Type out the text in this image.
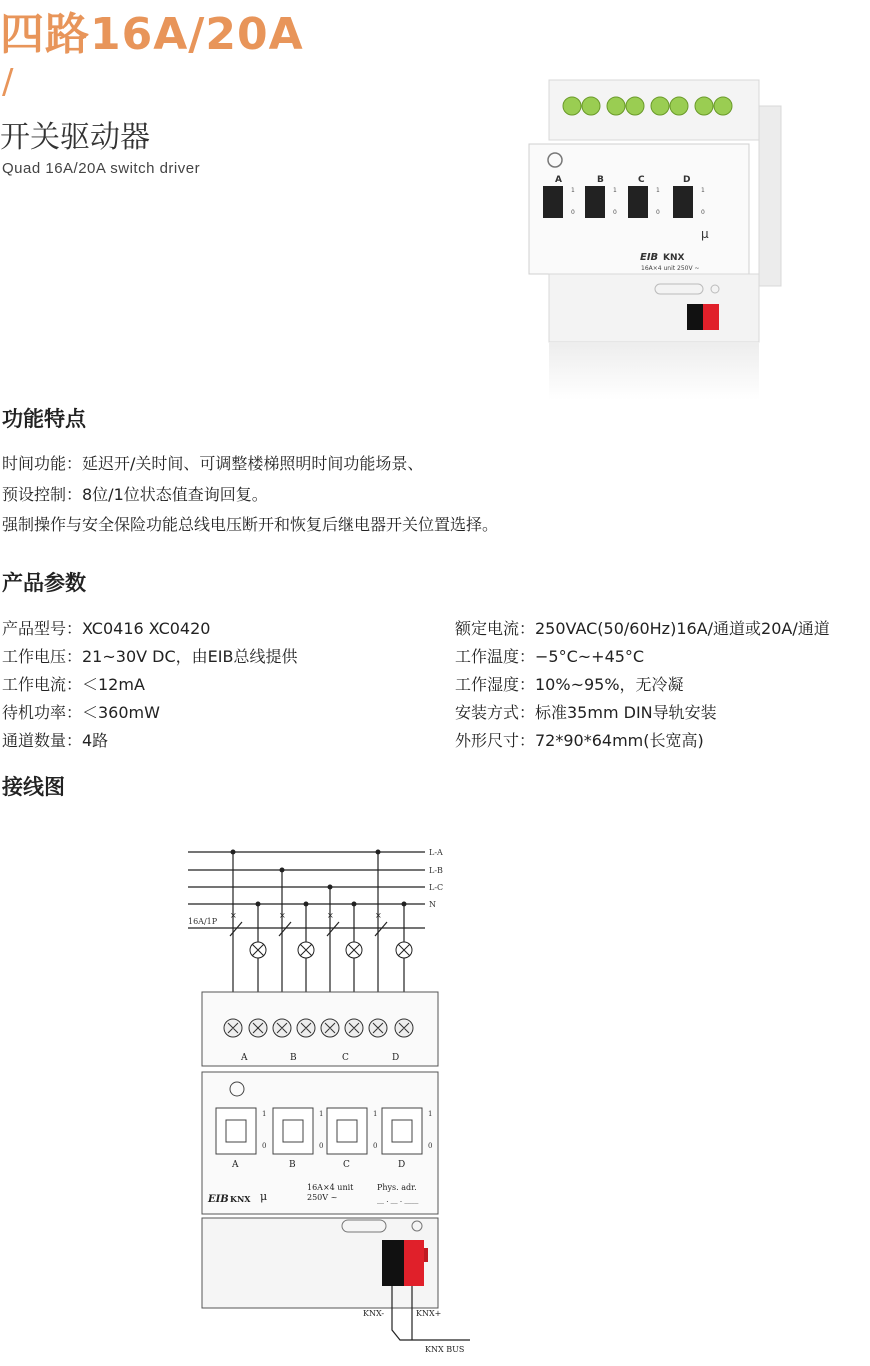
四路16A/20A
/
开关驱动器
Quad 16A/20A switch driver
A	B	C	D
1
0
1
0
1
0
1
0
EIB KNX
μ
16A×4 unit 250V ~
功能特点
时间功能：延迟开/关时间、可调整楼梯照明时间功能场景、
预设控制：8位/1位状态值查询回复。
强制操作与安全保险功能总线电压断开和恢复后继电器开关位置选择。
产品参数
产品型号：XC0416 XC0420
工作电压：21~30V DC，由EIB总线提供
工作电流：＜12mA
待机功率：＜360mW
通道数量：4路
额定电流：250VAC(50/60Hz)16A/通道或20A/通道
工作温度：−5°C~+45°C
工作湿度：10%~95%，无冷凝
安装方式：标准35mm DIN导轨安装
外形尺寸：72*90*64mm(长宽高)
接线图
×	×	×	×
L-A
L-B
L-C
N
16A/1P
A	B	C	D
1
0
1
0
1
0
1
0
A	B	C	D
EIB KNX μ
16A×4 unit
250V ~
Phys. adr.
__ . __ . ____
KNX-	KNX+
KNX BUS
